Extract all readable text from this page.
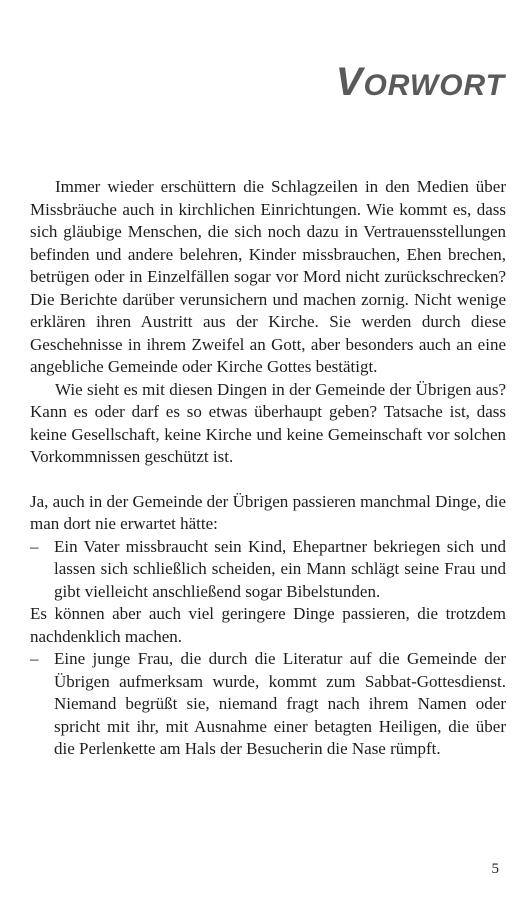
VORWORT

Immer wieder erschüttern die Schlagzeilen in den Medien über Missbräuche auch in kirchlichen Einrichtungen. Wie kommt es, dass sich gläubige Menschen, die sich noch dazu in Vertrauensstellungen befinden und andere belehren, Kinder missbrauchen, Ehen brechen, betrügen oder in Einzelfällen sogar vor Mord nicht zurückschrecken? Die Berichte darüber verunsichern und machen zornig. Nicht wenige erklären ihren Austritt aus der Kirche. Sie werden durch diese Geschehnisse in ihrem Zweifel an Gott, aber besonders auch an eine angebliche Gemeinde oder Kirche Gottes bestätigt.

Wie sieht es mit diesen Dingen in der Gemeinde der Übrigen aus? Kann es oder darf es so etwas überhaupt geben? Tatsache ist, dass keine Gesellschaft, keine Kirche und keine Gemeinschaft vor solchen Vorkommnissen geschützt ist.

Ja, auch in der Gemeinde der Übrigen passieren manchmal Dinge, die man dort nie erwartet hätte:

– Ein Vater missbraucht sein Kind, Ehepartner bekriegen sich und lassen sich schließlich scheiden, ein Mann schlägt seine Frau und gibt vielleicht anschließend sogar Bibelstunden.

Es können aber auch viel geringere Dinge passieren, die trotzdem nachdenklich machen.

– Eine junge Frau, die durch die Literatur auf die Gemeinde der Übrigen aufmerksam wurde, kommt zum Sabbat-Gottesdienst. Niemand begrüßt sie, niemand fragt nach ihrem Namen oder spricht mit ihr, mit Ausnahme einer betagten Heiligen, die über die Perlenkette am Hals der Besucherin die Nase rümpft.
5
